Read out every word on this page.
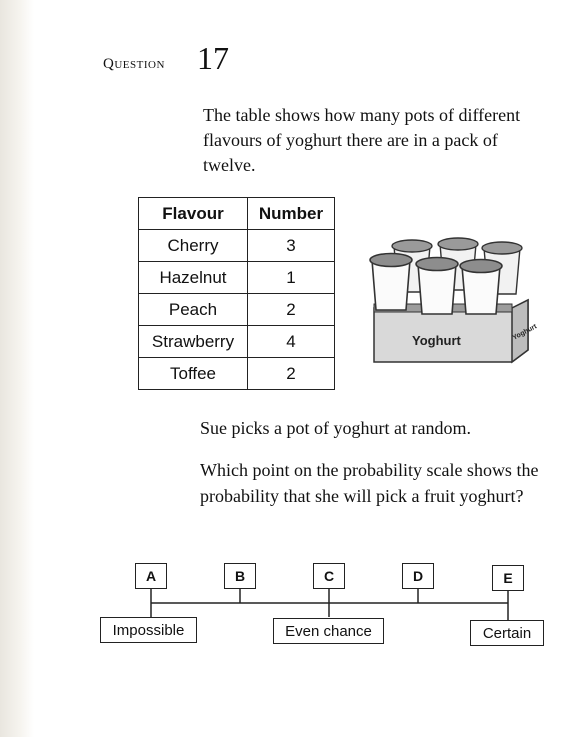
Question 17

The table shows how many pots of different flavours of yoghurt there are in a pack of twelve.

Flavour	Number
Cherry	3
Hazelnut	1
Peach	2
Strawberry	4
Toffee	2
Yoghurt	Yoghurt

Sue picks a pot of yoghurt at random.

Which point on the probability scale shows the probability that she will pick a fruit yoghurt?

A	B	C	D	E
Impossible	Even chance	Certain
